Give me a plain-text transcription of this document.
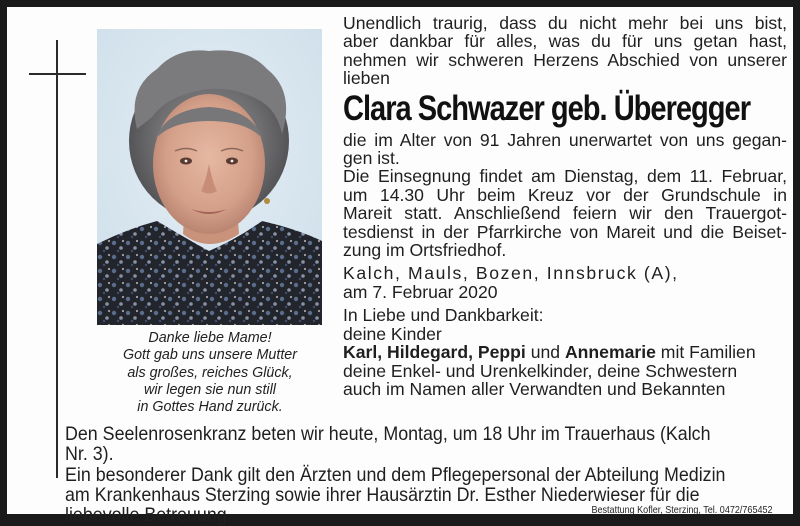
Danke liebe Mame!
Gott gab uns unsere Mutter
als großes, reiches Glück,
wir legen sie nun still
in Gottes Hand zurück.
Unendlich traurig, dass du nicht mehr bei uns bist,
aber dankbar für alles, was du für uns getan hast,
nehmen wir schweren Herzens Abschied von unserer
lieben
Clara Schwazer geb. Überegger
die im Alter von 91 Jahren unerwartet von uns gegan-
gen ist.
Die Einsegnung findet am Dienstag, dem 11. Februar,
um 14.30 Uhr beim Kreuz vor der Grundschule in
Mareit statt. Anschließend feiern wir den Trauergot-
tesdienst in der Pfarrkirche von Mareit und die Beiset-
zung im Ortsfriedhof.
Kalch, Mauls, Bozen, Innsbruck (A),
am 7. Februar 2020
In Liebe und Dankbarkeit:
deine Kinder
Karl, Hildegard, Peppi und Annemarie mit Familien
deine Enkel- und Urenkelkinder, deine Schwestern
auch im Namen aller Verwandten und Bekannten
Den Seelenrosenkranz beten wir heute, Montag, um 18 Uhr im Trauerhaus (Kalch
Nr. 3).
Ein besonderer Dank gilt den Ärzten und dem Pflegepersonal der Abteilung Medizin
am Krankenhaus Sterzing sowie ihrer Hausärztin Dr. Esther Niederwieser für die
liebevolle Betreuung.	Bestattung Kofler, Sterzing, Tel. 0472/765452
